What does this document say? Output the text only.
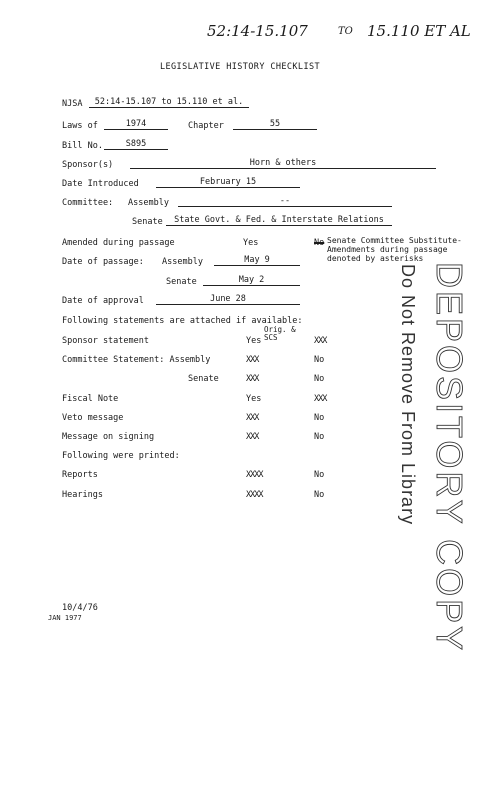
52:14-15.107	TO 15.110 ET AL
LEGISLATIVE HISTORY CHECKLIST
NJSA	52:14-15.107 to 15.110 et al.
Laws of	1974	Chapter	55
Bill No.	S895
Sponsor(s)	Horn & others
Date Introduced	February 15
Committee: Assembly	--
Senate	State Govt. & Fed. & Interstate Relations
Amended during passage	Yes	No Senate Committee Substitute-
Amendments during passage
denoted by asterisks
Date of passage: Assembly	May 9
Senate	May 2
Date of approval	June 28
Following statements are attached if available:
Orig. &
SCS
Sponsor statement	Yes	XXX
Committee Statement: Assembly	XXX	No
Senate	XXX	No
Fiscal Note	Yes	XXX
Veto message	XXX	No
Message on signing	XXX	No
Following were printed:
Reports	XXXX	No
Hearings	XXXX	No	DEPOSITORY COPY
Do Not Remove From Library
10/4/76
JAN 1977
